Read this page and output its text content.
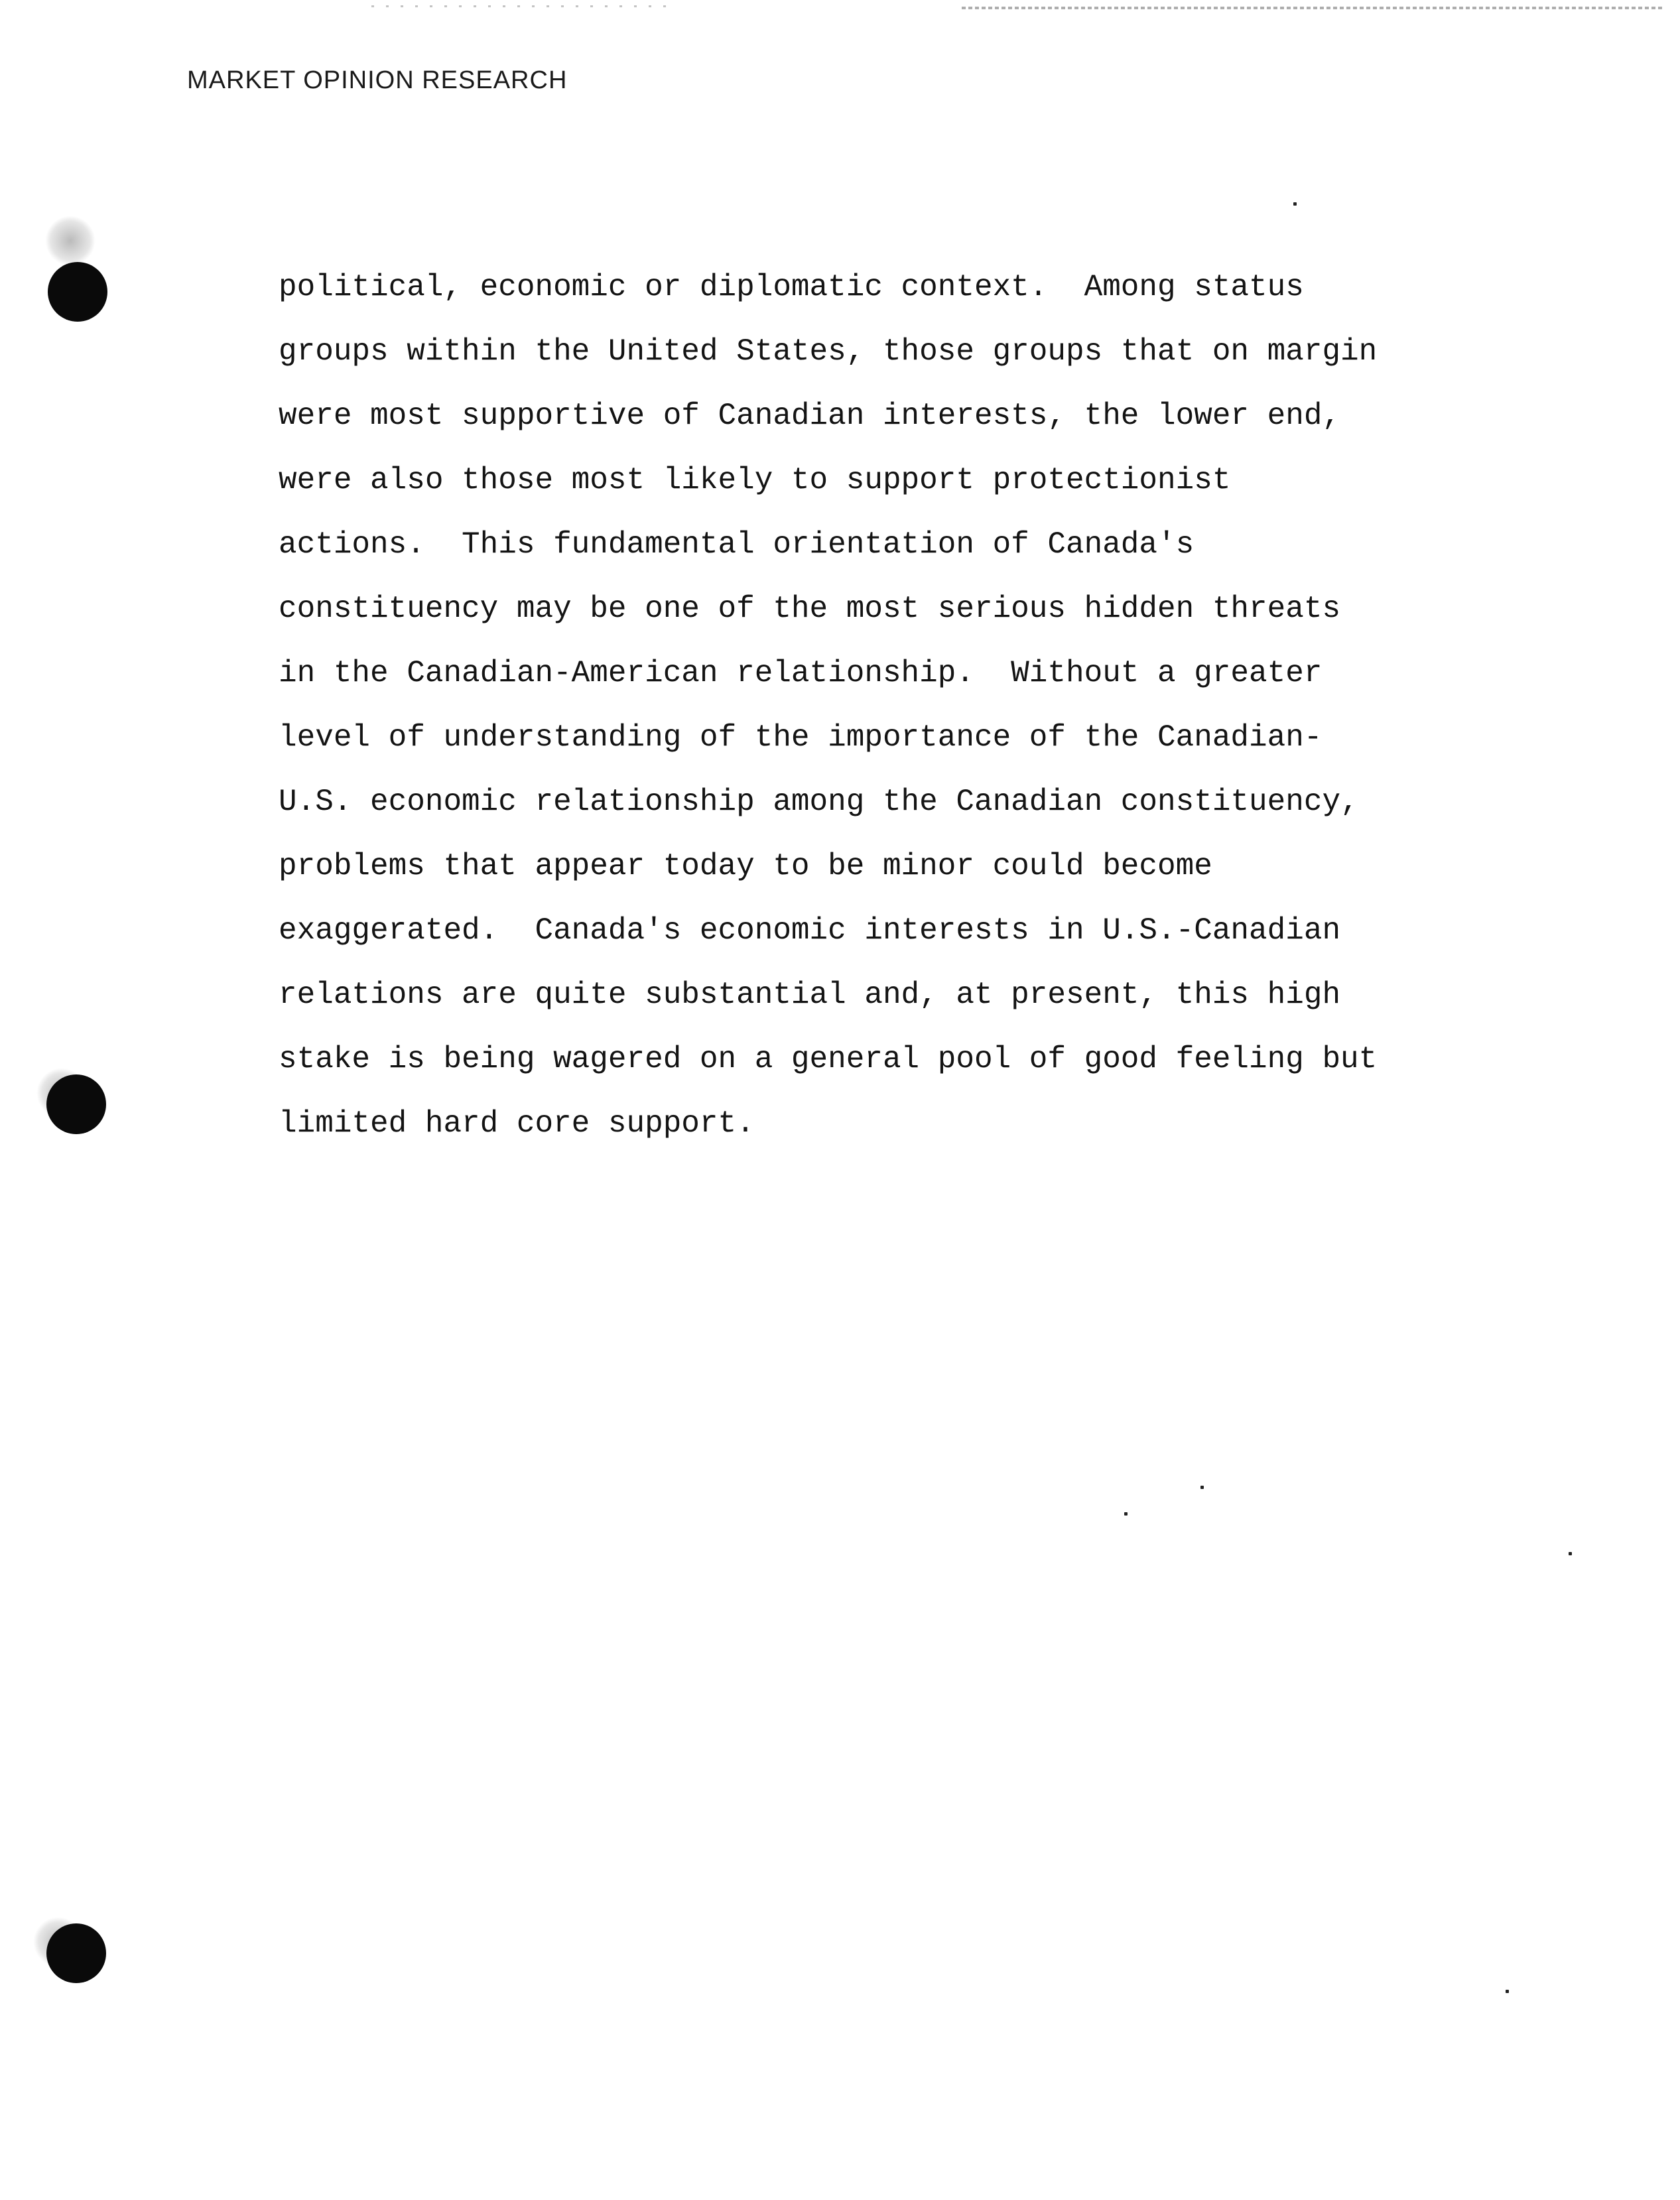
MARKET OPINION RESEARCH
political, economic or diplomatic context.  Among status
groups within the United States, those groups that on margin
were most supportive of Canadian interests, the lower end,
were also those most likely to support protectionist
actions.  This fundamental orientation of Canada's
constituency may be one of the most serious hidden threats
in the Canadian-American relationship.  Without a greater
level of understanding of the importance of the Canadian-
U.S. economic relationship among the Canadian constituency,
problems that appear today to be minor could become
exaggerated.  Canada's economic interests in U.S.-Canadian
relations are quite substantial and, at present, this high
stake is being wagered on a general pool of good feeling but
limited hard core support.
